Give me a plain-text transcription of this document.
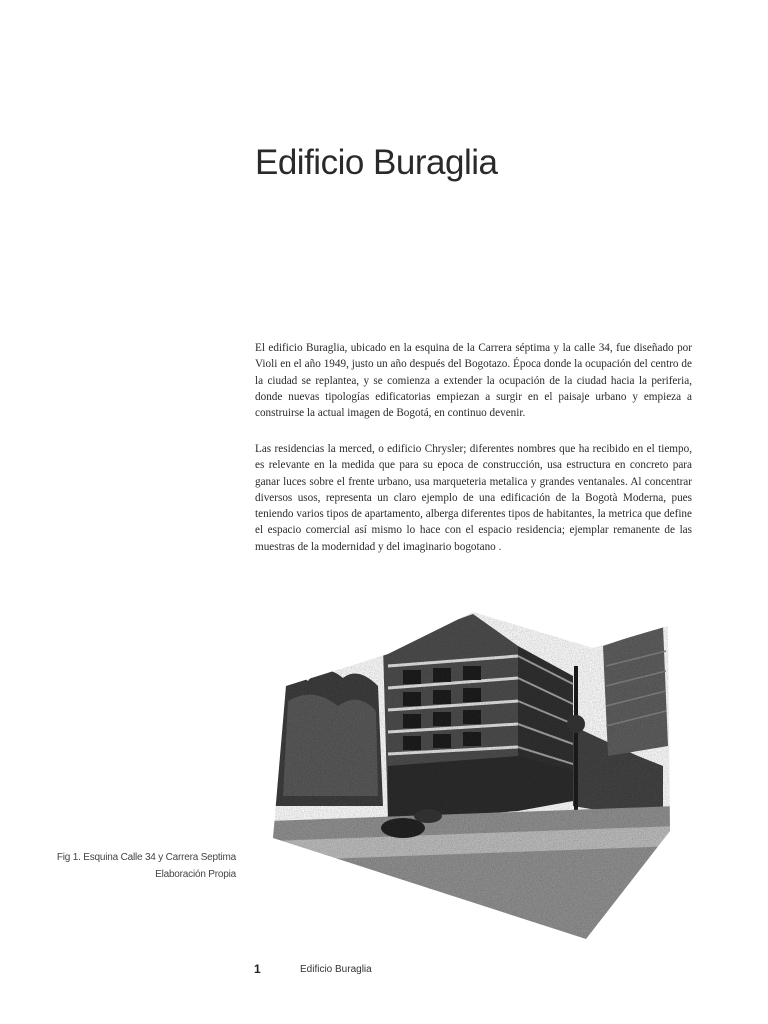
Edificio Buraglia

El edificio Buraglia, ubicado en la esquina de la Carrera séptima y la calle 34, fue diseñado por Violi en el año 1949, justo un año después del Bogotazo. Época donde la ocupación del centro de la ciudad se replantea, y se comienza a extender la ocupación de la ciudad hacia la periferia, donde nuevas tipologías edificatorias empiezan a surgir en el paisaje urbano y empieza a construirse la actual imagen de Bogotá, en continuo devenir.

Las residencias la merced, o edificio Chrysler; diferentes nombres que ha recibido en el tiempo, es relevante en la medida que para su epoca de construcción, usa estructura en concreto para ganar luces sobre el frente urbano, usa marqueteria metalica y grandes ventanales. Al concentrar diversos usos, representa un claro ejemplo de una edificación de la Bogotà Moderna, pues teniendo varios tipos de apartamento, alberga diferentes tipos de habitantes, la metrica que define el espacio comercial así mismo lo hace con el espacio residencia; ejemplar remanente de las muestras de la modernidad y del imaginario bogotano .

Fig 1. Esquina Calle 34 y Carrera Septima
Elaboración Propia
1	Edificio Buraglia
